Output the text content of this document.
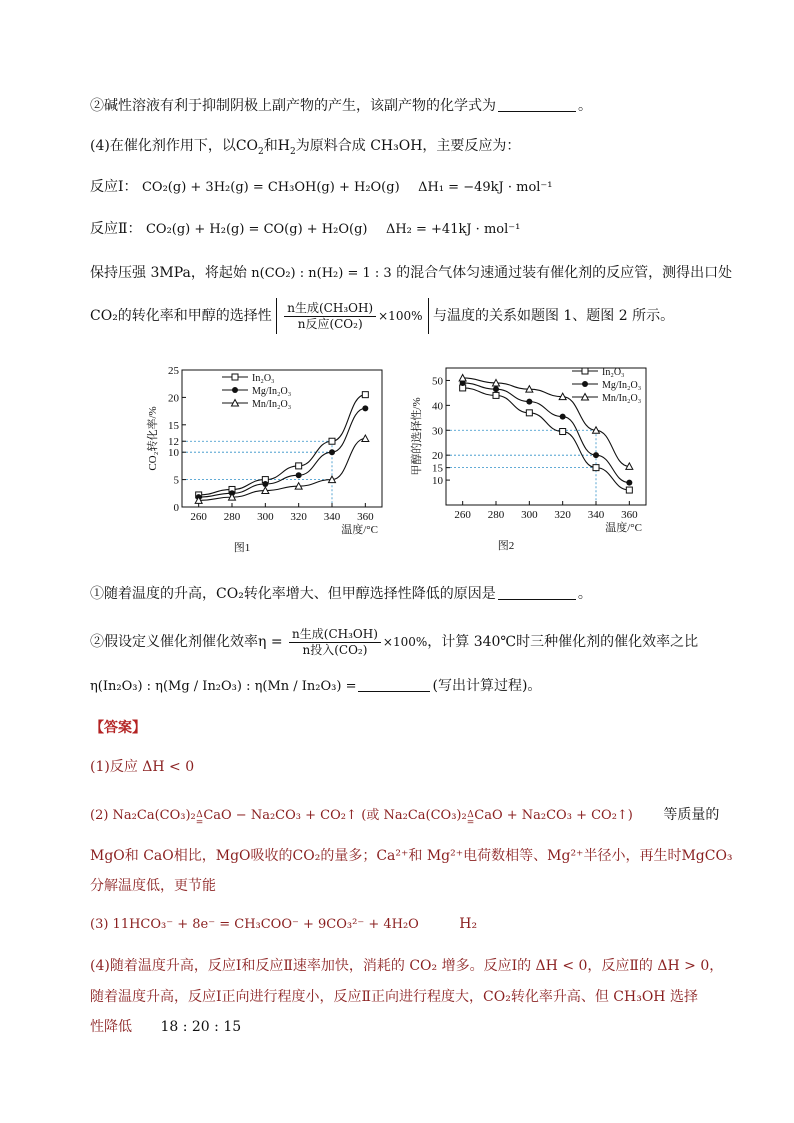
②碱性溶液有利于抑制阴极上副产物的产生，该副产物的化学式为	。
(4)在催化剂作用下，以$CO_2$和$H_2$为原料合成 CH₃OH，主要反应为：
反应Ⅰ： CO₂(g) + 3H₂(g) = CH₃OH(g) + H₂O(g) ΔH₁ = −49kJ · mol⁻¹
反应Ⅱ： CO₂(g) + H₂(g) = CO(g) + H₂O(g) ΔH₂ = +41kJ · mol⁻¹
保持压强 3MPa，将起始 n(CO₂) : n(H₂) = 1 : 3 的混合气体匀速通过装有催化剂的反应管，测得出口处
CO₂的转化率和甲醇的选择性 $\frac{\text{n生成(CH₃OH)}}{\text{n反应(CO₂)}} \times 100\%$ 与温度的关系如题图 1、题图 2 所示。
260 280 300 320 340 360
0
5
10
12
15
20
25
温度/°C
CO₂转化率/%
图1
In₂O₃
Mg/In₂O₃
Mn/In₂O₃
260 280 300 320 340 360
10
15
20
30
40
50
温度/°C
甲醇的选择性/%
图2
In₂O₃
Mg/In₂O₃
Mn/In₂O₃
①随着温度的升高，CO₂转化率增大、但甲醇选择性降低的原因是	。
②假设定义催化剂催化效率$\eta = \frac{\text{n生成(CH₃OH)}}{\text{n投入(CO₂)}} \times 100\%$，计算 340℃时三种催化剂的催化效率之比
η(In₂O₃) : η(Mg / In₂O₃) : η(Mn / In₂O₃) =	(写出计算过程)。
【答案】
(1)反应 ΔH < 0
(2) Na₂Ca(CO₃)₂ Δ
= CaO − Na₂CO₃ + CO₂↑ (或 Na₂Ca(CO₃)₂ Δ
= CaO + Na₂CO₃ + CO₂↑) 等质量的
MgO和 CaO相比，MgO吸收的CO₂的量多；Ca²⁺和 Mg²⁺电荷数相等、Mg²⁺半径小，再生时MgCO₃
分解温度低，更节能
(3) 11HCO₃⁻ + 8e⁻ = CH₃COO⁻ + 9CO₃²⁻ + 4H₂O	H₂
(4)随着温度升高，反应Ⅰ和反应Ⅱ速率加快，消耗的 CO₂ 增多。反应Ⅰ的 ΔH < 0，反应Ⅱ的 ΔH > 0，
随着温度升高，反应Ⅰ正向进行程度小，反应Ⅱ正向进行程度大，CO₂转化率升高、但 CH₃OH 选择
性降低 18 : 20 : 15
